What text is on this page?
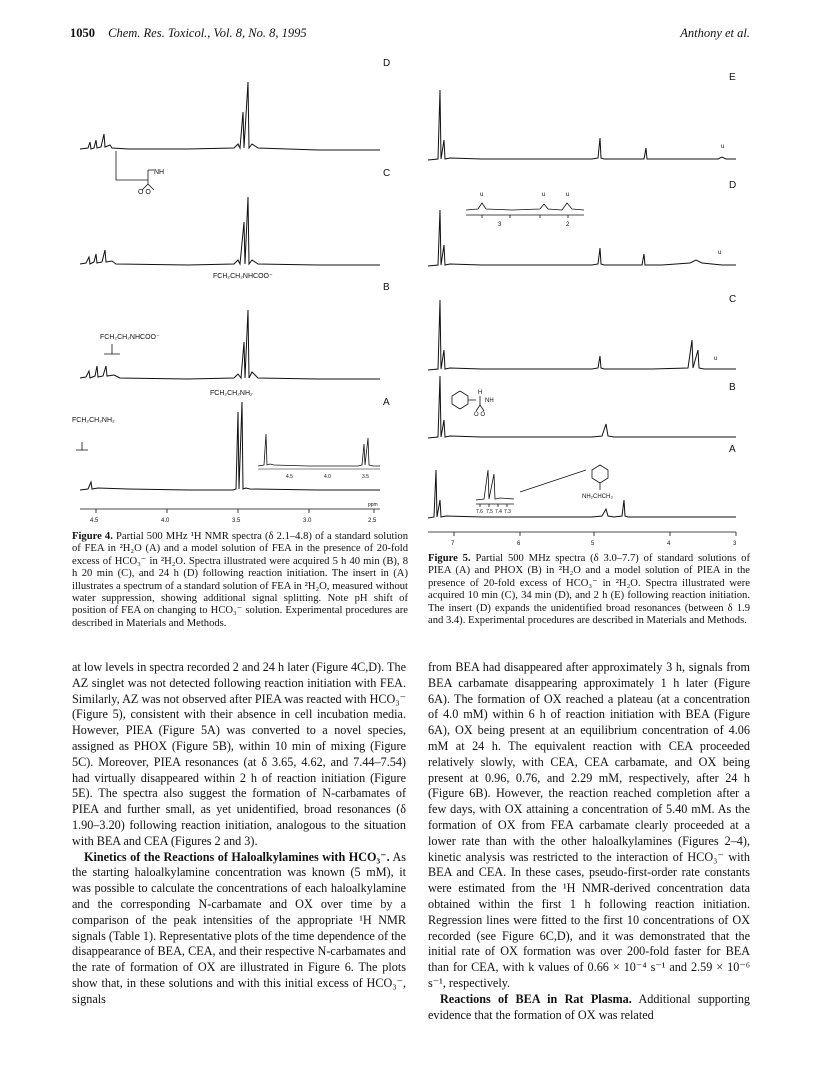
1050 Chem. Res. Toxicol., Vol. 8, No. 8, 1995	Anthony et al.
D
NH
O O
C
FCH₂CH₂NHCOO⁻
B
FCH₂CH₂NHCOO⁻
FCH₂CH₂NH₂
A
FCH₂CH₂NH₂
4.5	4.0	3.5
4.5	4.0	3.5	3.0	2.5
ppm
Figure 4. Partial 500 MHz ¹H NMR spectra (δ 2.1–4.8) of a standard solution of FEA in ²H₂O (A) and a model solution of FEA in the presence of 20-fold excess of HCO₃⁻ in ²H₂O. Spectra illustrated were acquired 5 h 40 min (B), 8 h 20 min (C), and 24 h (D) following reaction initiation. The insert in (A) illustrates a spectrum of a standard solution of FEA in ²H₂O, measured without water suppression, showing additional signal splitting. Note pH shift of position of FEA on changing to HCO₃⁻ solution. Experimental procedures are described in Materials and Methods.
E
u
u	u	u
3	2
D
u
C
u
B
H
NH
O O
A
7.6 7.5 7.4 7.3
NH₂CHCH₃
7	6	5	4	3
Figure 5. Partial 500 MHz spectra (δ 3.0–7.7) of standard solutions of PIEA (A) and PHOX (B) in ²H₂O and a model solution of PIEA in the presence of 20-fold excess of HCO₃⁻ in ²H₂O. Spectra illustrated were acquired 10 min (C), 34 min (D), and 2 h (E) following reaction initiation. The insert (D) expands the unidentified broad resonances (between δ 1.9 and 3.4). Experimental procedures are described in Materials and Methods.

at low levels in spectra recorded 2 and 24 h later (Figure 4C,D). The AZ singlet was not detected following reaction initiation with FEA. Similarly, AZ was not observed after PIEA was reacted with HCO₃⁻ (Figure 5), consistent with their absence in cell incubation media. However, PIEA (Figure 5A) was converted to a novel species, assigned as PHOX (Figure 5B), within 10 min of mixing (Figure 5C). Moreover, PIEA resonances (at δ 3.65, 4.62, and 7.44–7.54) had virtually disappeared within 2 h of reaction initiation (Figure 5E). The spectra also suggest the formation of N-carbamates of PIEA and further small, as yet unidentified, broad resonances (δ 1.90–3.20) following reaction initiation, analogous to the situation with BEA and CEA (Figures 2 and 3).

Kinetics of the Reactions of Haloalkylamines with HCO₃⁻. As the starting haloalkylamine concentration was known (5 mM), it was possible to calculate the concentrations of each haloalkylamine and the corresponding N-carbamate and OX over time by a comparison of the peak intensities of the appropriate ¹H NMR signals (Table 1). Representative plots of the time dependence of the disappearance of BEA, CEA, and their respective N-carbamates and the rate of formation of OX are illustrated in Figure 6. The plots show that, in these solutions and with this initial excess of HCO₃⁻, signals

from BEA had disappeared after approximately 3 h, signals from BEA carbamate disappearing approximately 1 h later (Figure 6A). The formation of OX reached a plateau (at a concentration of 4.0 mM) within 6 h of reaction initiation with BEA (Figure 6A), OX being present at an equilibrium concentration of 4.06 mM at 24 h. The equivalent reaction with CEA proceeded relatively slowly, with CEA, CEA carbamate, and OX being present at 0.96, 0.76, and 2.29 mM, respectively, after 24 h (Figure 6B). However, the reaction reached completion after a few days, with OX attaining a concentration of 5.40 mM. As the formation of OX from FEA carbamate clearly proceeded at a lower rate than with the other haloalkylamines (Figures 2–4), kinetic analysis was restricted to the interaction of HCO₃⁻ with BEA and CEA. In these cases, pseudo-first-order rate constants were estimated from the ¹H NMR-derived concentration data obtained within the first 1 h following reaction initiation. Regression lines were fitted to the first 10 concentrations of OX recorded (see Figure 6C,D), and it was demonstrated that the initial rate of OX formation was over 200-fold faster for BEA than for CEA, with k values of 0.66 × 10⁻⁴ s⁻¹ and 2.59 × 10⁻⁶ s⁻¹, respectively.

Reactions of BEA in Rat Plasma. Additional supporting evidence that the formation of OX was related
